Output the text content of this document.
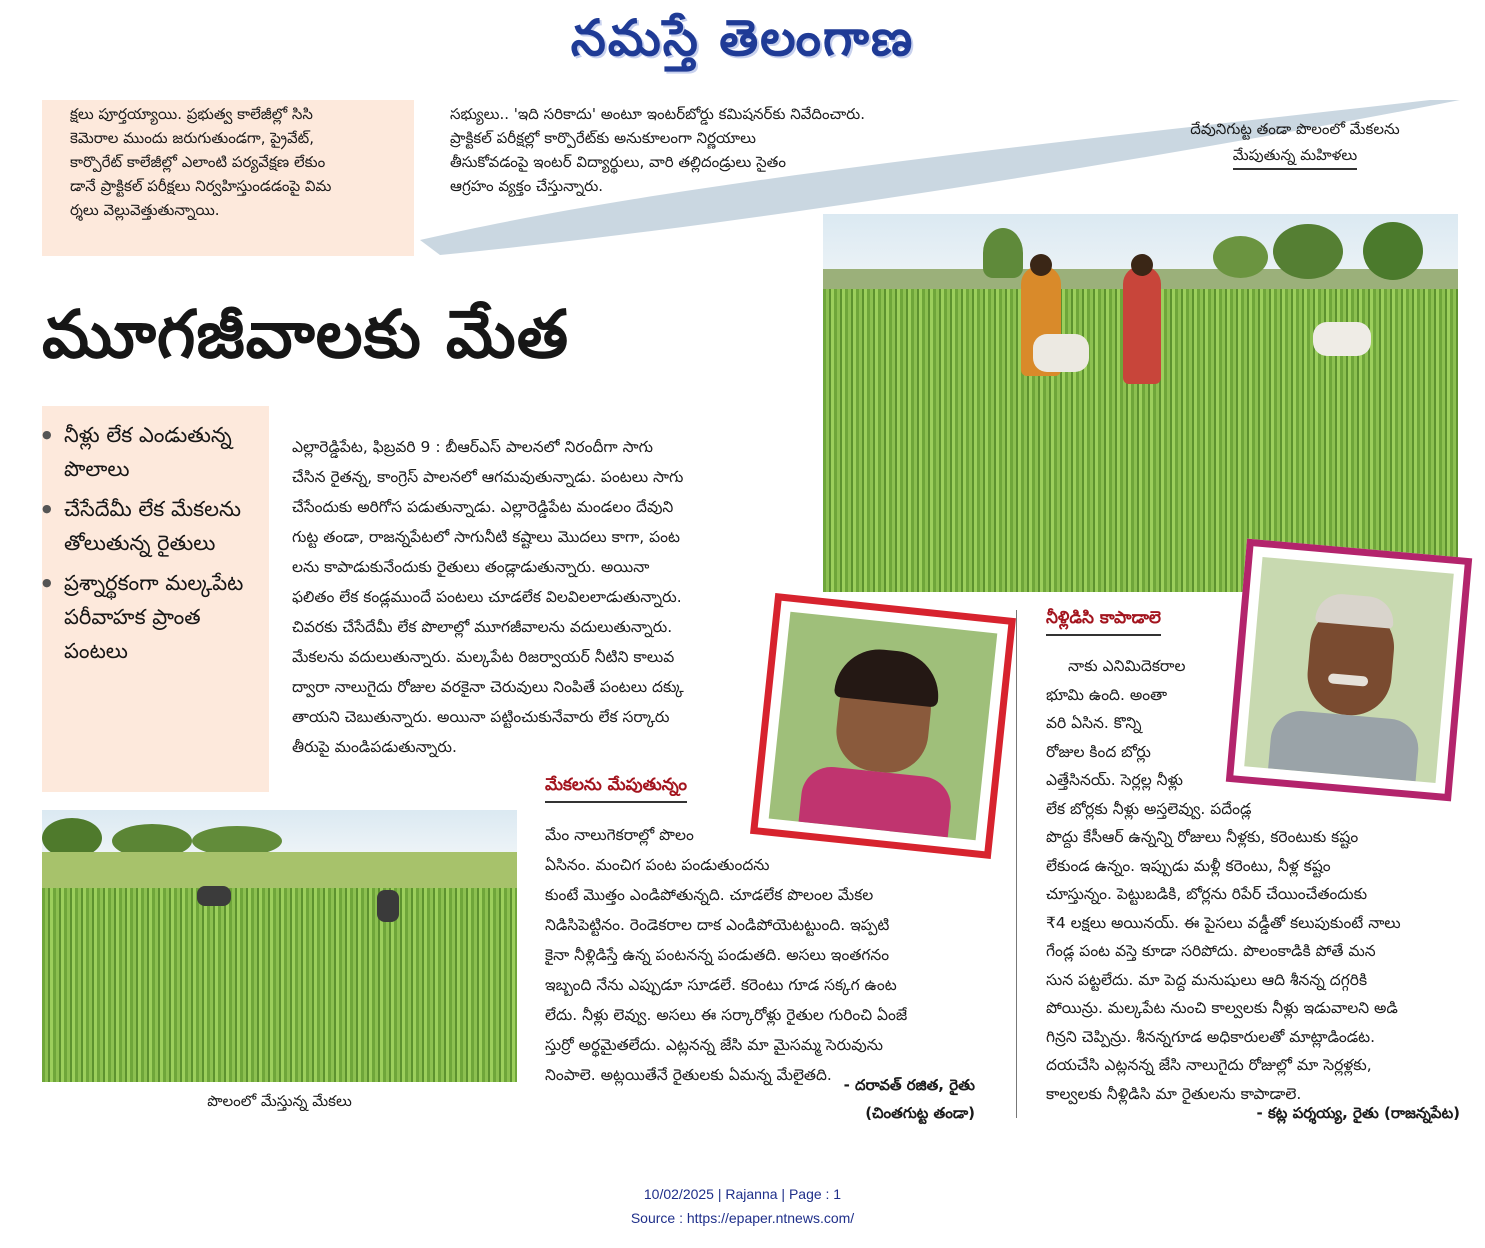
నమస్తే తెలంగాణ
క్షలు పూర్తయ్యాయి. ప్రభుత్వ కాలేజీల్లో సిసి
కెమెరాల ముందు జరుగుతుండగా, ప్రైవేట్,
కార్పొరేట్ కాలేజీల్లో ఎలాంటి పర్యవేక్షణ లేకుం
డానే ప్రాక్టికల్ పరీక్షలు నిర్వహిస్తుండడంపై విమ
ర్శలు వెల్లువెత్తుతున్నాయి.
సభ్యులు.. 'ఇది సరికాదు' అంటూ ఇంటర్‌బోర్డు కమిషనర్‌కు నివేదించారు.
ప్రాక్టికల్ పరీక్షల్లో కార్పొరేట్‌కు అనుకూలంగా నిర్ణయాలు
తీసుకోవడంపై ఇంటర్ విద్యార్థులు, వారి తల్లిదండ్రులు సైతం
ఆగ్రహం వ్యక్తం చేస్తున్నారు.
దేవునిగుట్ట తండా పొలంలో మేకలను
మేపుతున్న మహిళలు
మూగజీవాలకు మేత
● నీళ్లు లేక ఎండుతున్న పొలాలు
● చేసేదేమీ లేక మేకలను తోలుతున్న రైతులు
● ప్రశ్నార్థకంగా మల్కపేట పరీవాహక ప్రాంత పంటలు
ఎల్లారెడ్డిపేట, ఫిబ్రవరి 9 : బీఆర్ఎస్ పాలనలో నిరందీగా సాగు
చేసిన రైతన్న, కాంగ్రెస్ పాలనలో ఆగమవుతున్నాడు. పంటలు సాగు
చేసేందుకు అరిగోస పడుతున్నాడు. ఎల్లారెడ్డిపేట మండలం దేవుని
గుట్ట తండా, రాజన్నపేటలో సాగునీటి కష్టాలు మొదలు కాగా, పంట
లను కాపాడుకునేందుకు రైతులు తండ్లాడుతున్నారు. అయినా
ఫలితం లేక కండ్లముందే పంటలు చూడలేక విలవిలలాడుతున్నారు.
చివరకు చేసేదేమీ లేక పొలాల్లో మూగజీవాలను వదులుతున్నారు.
మేకలను వదులుతున్నారు. మల్కపేట రిజర్వాయర్ నీటిని కాలువ
ద్వారా నాలుగైదు రోజుల వరకైనా చెరువులు నింపితే పంటలు దక్కు
తాయని చెబుతున్నారు. అయినా పట్టించుకునేవారు లేక సర్కారు
తీరుపై మండిపడుతున్నారు.
పొలంలో మేస్తున్న మేకలు
మేకలను మేపుతున్నం
మేం నాలుగెకరాల్లో పొలం
ఏసినం. మంచిగ పంట పండుతుందను
కుంటే మొత్తం ఎండిపోతున్నది. చూడలేక పొలంల మేకల
నిడిసిపెట్టినం. రెండెకరాల దాక ఎండిపోయెటట్టుంది. ఇప్పటి
కైనా నీళ్లిడిస్తే ఉన్న పంటనన్న పండుతది. అసలు ఇంతగనం
ఇబ్బంది నేను ఎప్పుడూ సూడలే. కరెంటు గూడ సక్కగ ఉంట
లేదు. నీళ్లు లెవ్వు. అసలు ఈ సర్కారోళ్లు రైతుల గురించి ఏంజే
స్తుర్రో అర్థమైతలేదు. ఎట్లనన్న జేసి మా మైసమ్మ సెరువును
నింపాలె. అట్లయితేనే రైతులకు ఏమన్న మేలైతది.
- దరావత్ రజిత, రైతు
(చింతగుట్ట తండా)
నీళ్లిడిసి కాపాడాలె
నాకు ఎనిమిదెకరాల
భూమి ఉంది. అంతా
వరి ఏసిన. కొన్ని
రోజుల కింద బోర్లు
ఎత్తేసినయ్. సెర్లల్ల నీళ్లు
లేక బోర్లకు నీళ్లు అస్తలెవ్వు. పదేండ్ల
పొద్దు కేసీఆర్ ఉన్నన్ని రోజులు నీళ్లకు, కరెంటుకు కష్టం
లేకుండ ఉన్నం. ఇప్పుడు మళ్లీ కరెంటు, నీళ్ల కష్టం
చూస్తున్నం. పెట్టుబడికి, బోర్లను రిపేర్ చేయించేతందుకు
₹4 లక్షలు అయినయ్. ఈ పైసలు వడ్డీతో కలుపుకుంటే నాలు
గేండ్ల పంట వస్తె కూడా సరిపోదు. పొలంకాడికి పోతే మన
సున పట్టలేదు. మా పెద్ద మనుషులు ఆది శీనన్న దగ్గరికి
పోయిన్రు. మల్కపేట నుంచి కాల్వలకు నీళ్లు ఇడువాలని అడి
గిన్రని చెప్పిన్రు. శీనన్నగూడ అధికారులతో మాట్లాడిండట.
దయచేసి ఎట్లనన్న జేసి నాలుగైదు రోజుల్లో మా సెర్లళ్లకు,
కాల్వలకు నీళ్లిడిసి మా రైతులను కాపాడాలె.
- కట్ల పర్శయ్య, రైతు (రాజన్నపేట)
10/02/2025 | Rajanna | Page : 1
Source : https://epaper.ntnews.com/
